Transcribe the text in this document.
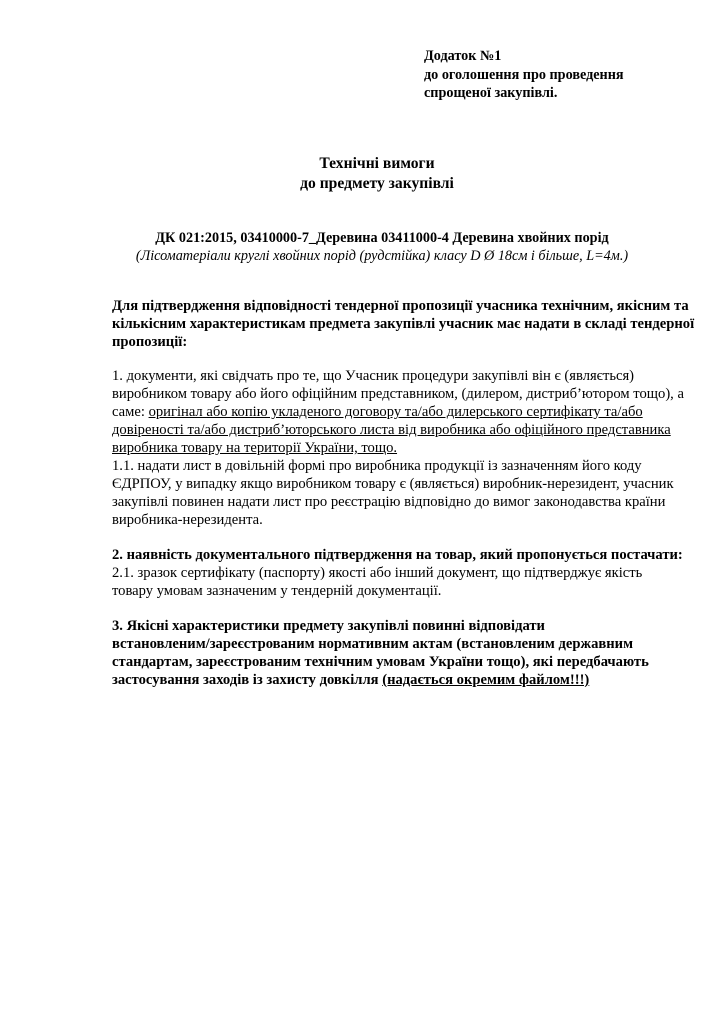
Додаток №1
до оголошення про проведення
спрощеної закупівлі.
Технічні вимоги
до предмету закупівлі
ДК 021:2015, 03410000-7_Деревина 03411000-4 Деревина хвойних порід
(Лісоматеріали круглі хвойних порід (рудстійка) класу D Ø 18см і більше, L=4м.)
Для підтвердження відповідності тендерної пропозиції учасника технічним, якісним та
кількісним характеристикам предмета закупівлі учасник має надати в складі тендерної
пропозиції:
1. документи, які свідчать про те, що Учасник процедури закупівлі він є (являється)
виробником товару або його офіційним представником, (дилером, дистриб’ютором тощо), а
саме: оригінал або копію укладеного договору та/або дилерського сертифікату та/або
довіреності та/або дистриб’юторського листа від виробника або офіційного представника
виробника товару на території України, тощо.
1.1. надати лист в довільній формі про виробника продукції із зазначенням його коду
ЄДРПОУ, у випадку якщо виробником товару є (являється) виробник-нерезидент, учасник
закупівлі повинен надати лист про реєстрацію відповідно до вимог законодавства країни
виробника-нерезидента.
2. наявність документального підтвердження на товар, який пропонується постачати:
2.1. зразок сертифікату (паспорту) якості або інший документ, що підтверджує якість
товару умовам зазначеним у тендерній документації.
3. Якісні характеристики предмету закупівлі повинні відповідати
встановленим/зареєстрованим нормативним актам (встановленим державним
стандартам, зареєстрованим технічним умовам України тощо), які передбачають
застосування заходів із захисту довкілля (надається окремим файлом!!!)
